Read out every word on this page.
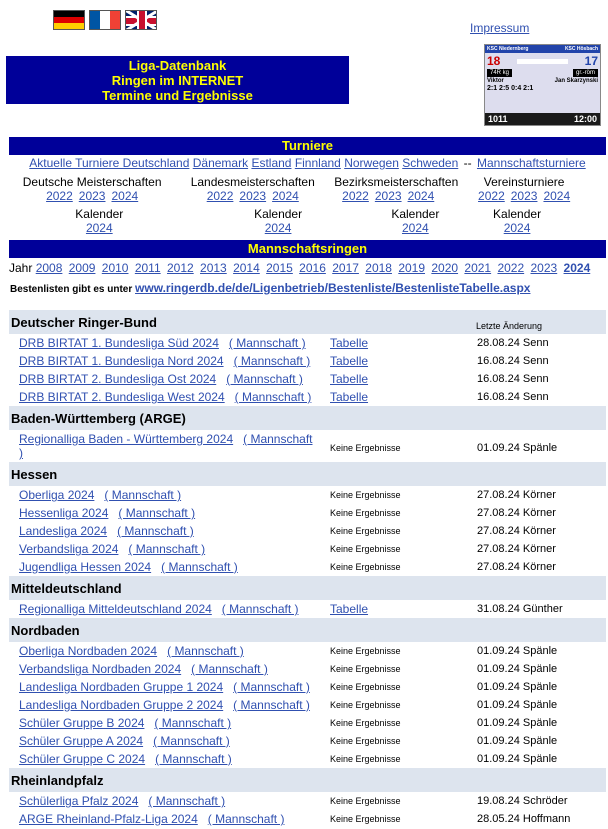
Impressum
Liga-Datenbank
Ringen im INTERNET
Termine und Ergebnisse
KSC Niedernberg	KSC Hösbach
18	17
74R kg	gr.-röm
Viktor	Jan Skarzynski
2:1 2:5 0:4 2:1
1011	12:00
Turniere
Aktuelle Turniere Deutschland Dänemark Estland Finnland Norwegen Schweden -- Mannschaftsturniere
Deutsche Meisterschaften
2022 2023 2024
Landesmeisterschaften
2022 2023 2024
Bezirksmeisterschaften
2022 2023 2024
Vereinsturniere
2022 2023 2024
Kalender
2024
Kalender
2024
Kalender
2024
Kalender
2024
Mannschaftsringen
Jahr 2008 2009 2010 2011 2012 2013 2014 2015 2016 2017 2018 2019 2020 2021 2022 2023 2024
Bestenlisten gibt es unter www.ringerdb.de/de/Ligenbetrieb/Bestenliste/BestenlisteTabelle.aspx
Deutscher Ringer-Bund	Letzte Änderung
DRB BIRTAT 1. Bundesliga Süd 2024 ( Mannschaft ) Tabelle	28.08.24 Senn
DRB BIRTAT 1. Bundesliga Nord 2024 ( Mannschaft ) Tabelle	16.08.24 Senn
DRB BIRTAT 2. Bundesliga Ost 2024 ( Mannschaft ) Tabelle	16.08.24 Senn
DRB BIRTAT 2. Bundesliga West 2024 ( Mannschaft ) Tabelle	16.08.24 Senn
Baden-Württemberg (ARGE)
Regionalliga Baden - Württemberg 2024 ( Mannschaft )	Keine Ergebnisse	01.09.24 Spänle
Hessen
Oberliga 2024 ( Mannschaft )	Keine Ergebnisse	27.08.24 Körner
Hessenliga 2024 ( Mannschaft )	Keine Ergebnisse	27.08.24 Körner
Landesliga 2024 ( Mannschaft )	Keine Ergebnisse	27.08.24 Körner
Verbandsliga 2024 ( Mannschaft )	Keine Ergebnisse	27.08.24 Körner
Jugendliga Hessen 2024 ( Mannschaft )	Keine Ergebnisse	27.08.24 Körner
Mitteldeutschland
Regionalliga Mitteldeutschland 2024 ( Mannschaft )	Tabelle	31.08.24 Günther
Nordbaden
Oberliga Nordbaden 2024 ( Mannschaft )	Keine Ergebnisse	01.09.24 Spänle
Verbandsliga Nordbaden 2024 ( Mannschaft )	Keine Ergebnisse	01.09.24 Spänle
Landesliga Nordbaden Gruppe 1 2024 ( Mannschaft ) Keine Ergebnisse	01.09.24 Spänle
Landesliga Nordbaden Gruppe 2 2024 ( Mannschaft ) Keine Ergebnisse	01.09.24 Spänle
Schüler Gruppe B 2024 ( Mannschaft )	Keine Ergebnisse	01.09.24 Spänle
Schüler Gruppe A 2024 ( Mannschaft )	Keine Ergebnisse	01.09.24 Spänle
Schüler Gruppe C 2024 ( Mannschaft )	Keine Ergebnisse	01.09.24 Spänle
Rheinlandpfalz
Schülerliga Pfalz 2024 ( Mannschaft )	Keine Ergebnisse	19.08.24 Schröder
ARGE Rheinland-Pfalz-Liga 2024 ( Mannschaft )	Keine Ergebnisse	28.05.24 Hoffmann
